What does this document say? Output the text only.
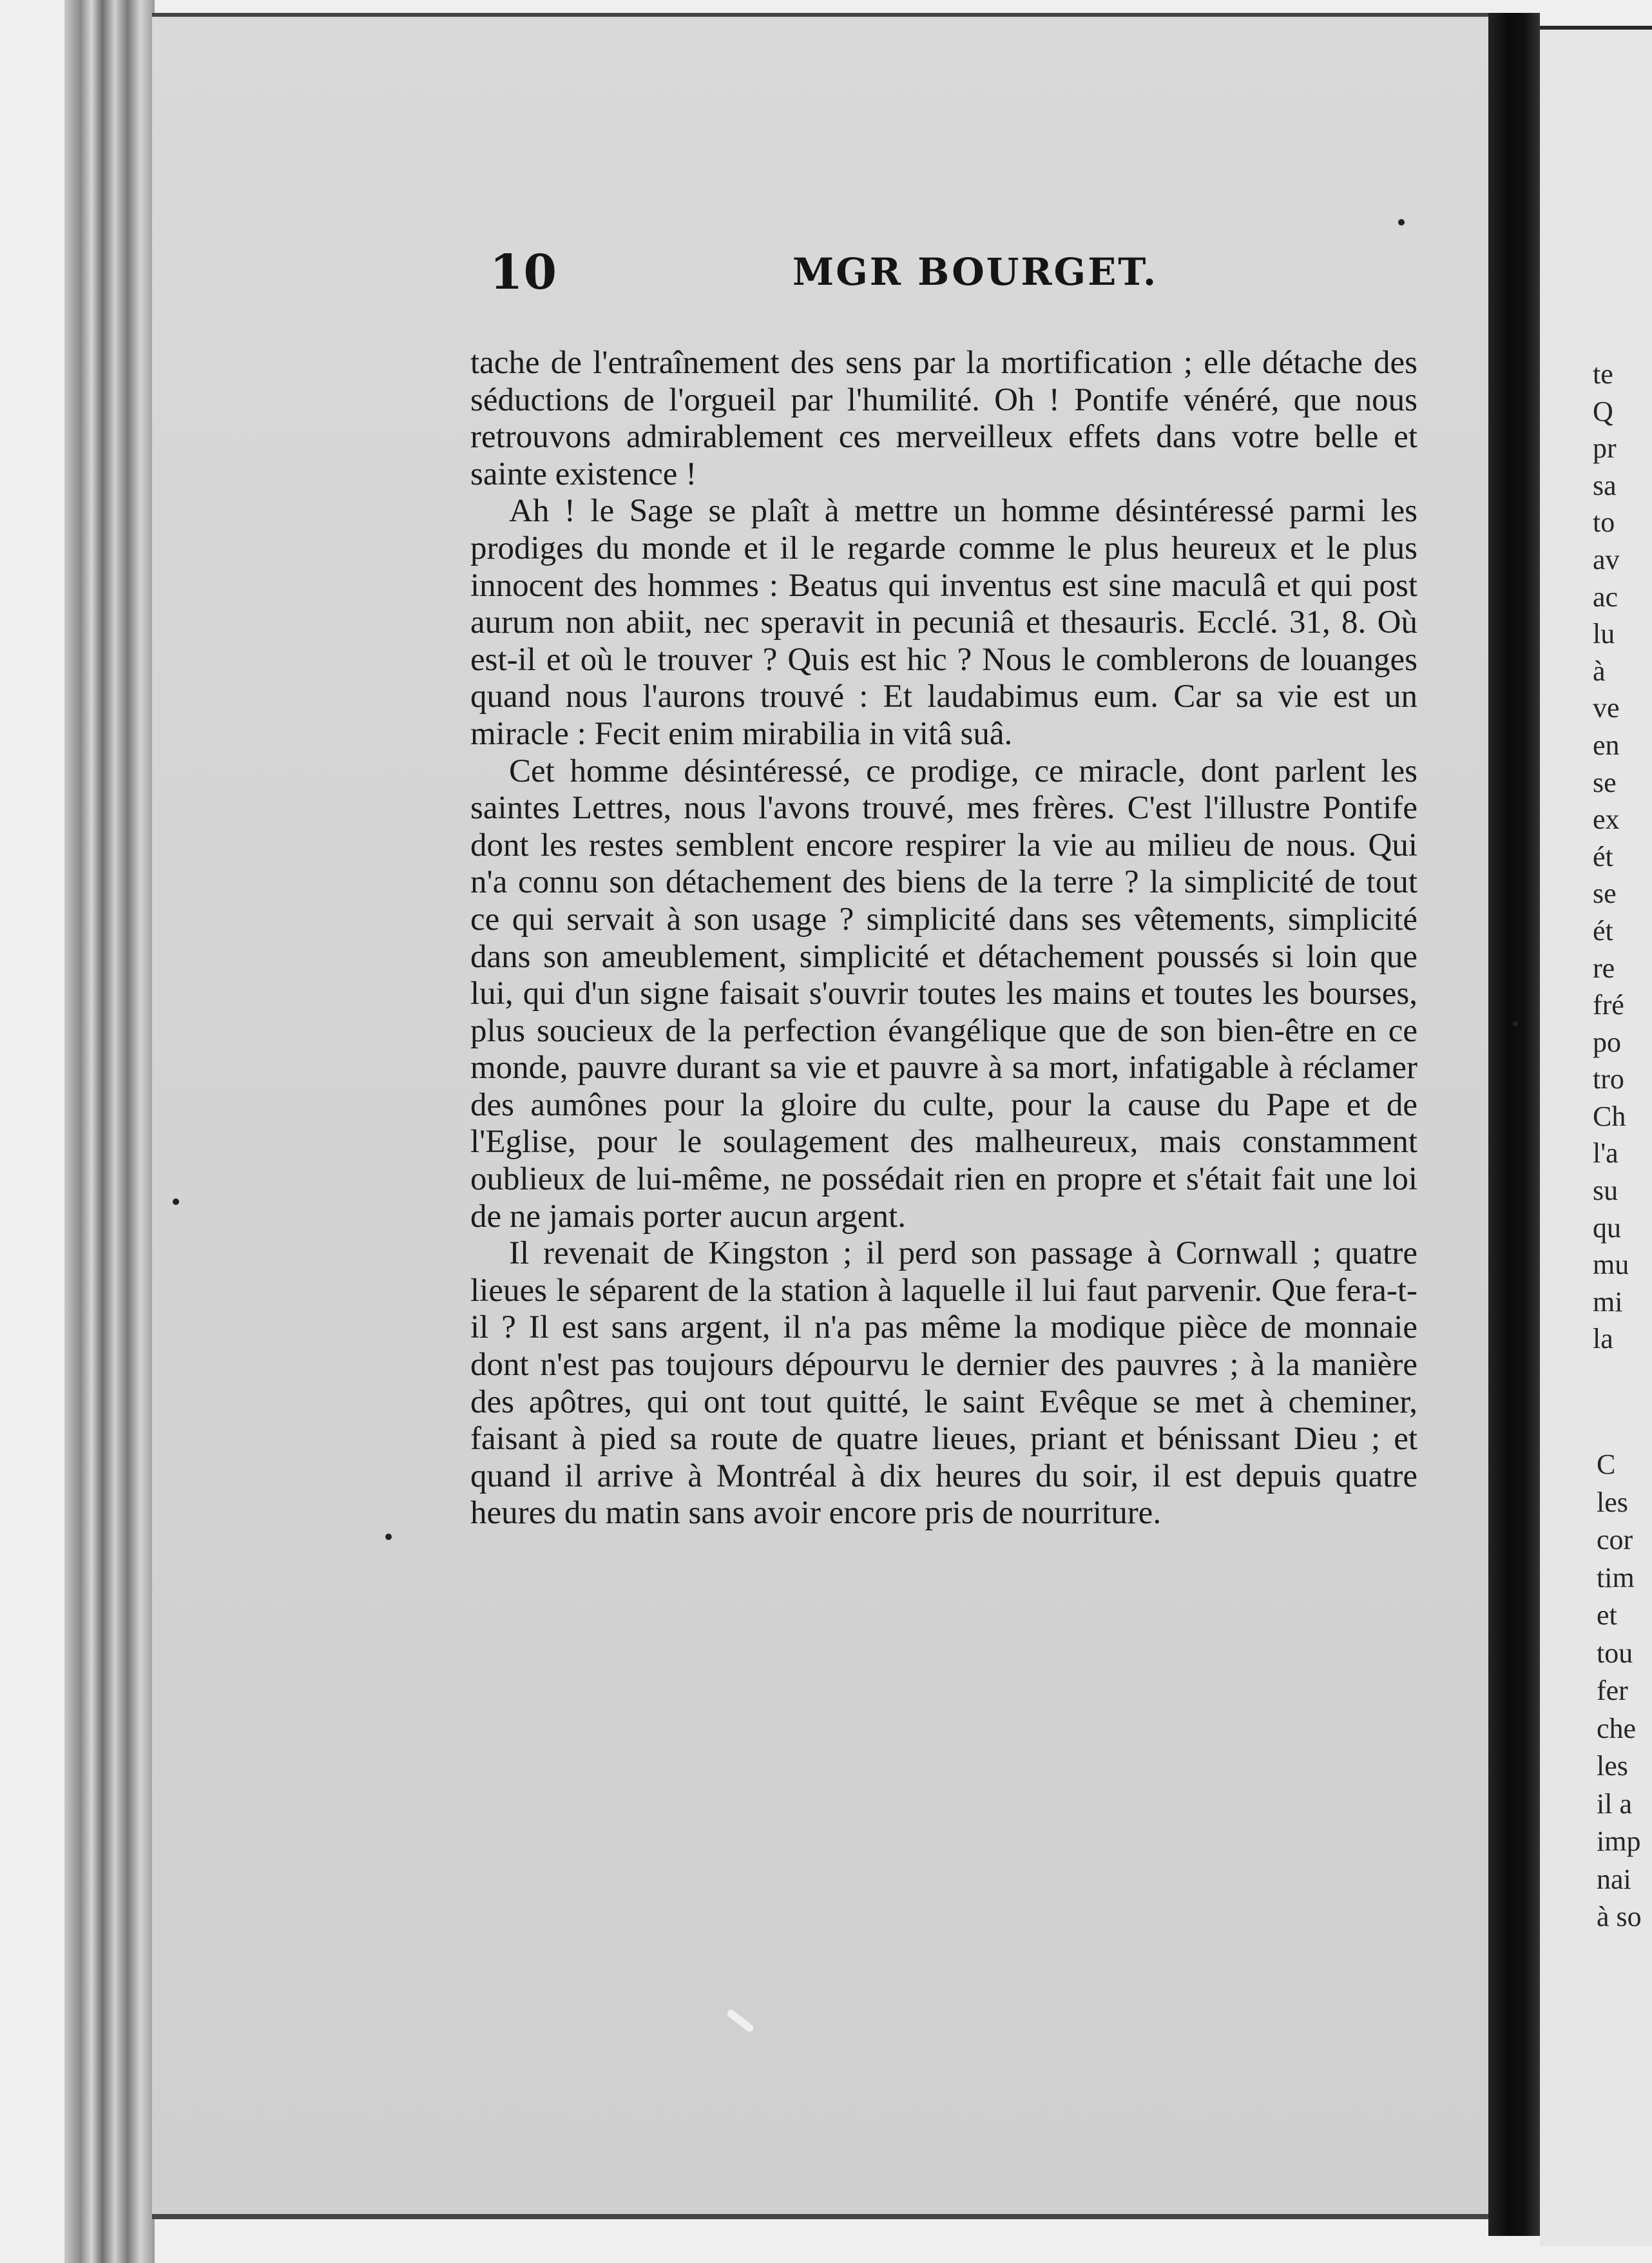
10	MGR BOURGET.

tache de l'entraînement des sens par la mortification ; elle détache des séductions de l'orgueil par l'humilité. Oh ! Pontife vénéré, que nous retrouvons admirablement ces merveilleux effets dans votre belle et sainte existence !

Ah ! le Sage se plaît à mettre un homme désintéressé parmi les prodiges du monde et il le regarde comme le plus heureux et le plus innocent des hommes : Beatus qui inventus est sine maculâ et qui post aurum non abiit, nec speravit in pecuniâ et thesauris. Ecclé. 31, 8. Où est-il et où le trouver ? Quis est hic ? Nous le comblerons de louanges quand nous l'aurons trouvé : Et laudabimus eum. Car sa vie est un miracle : Fecit enim mirabilia in vitâ suâ.

Cet homme désintéressé, ce prodige, ce miracle, dont parlent les saintes Lettres, nous l'avons trouvé, mes frères. C'est l'illustre Pontife dont les restes semblent encore respirer la vie au milieu de nous. Qui n'a connu son détachement des biens de la terre ? la simplicité de tout ce qui servait à son usage ? simplicité dans ses vêtements, simplicité dans son ameublement, simplicité et détachement poussés si loin que lui, qui d'un signe faisait s'ouvrir toutes les mains et toutes les bourses, plus soucieux de la perfection évangélique que de son bien-être en ce monde, pauvre durant sa vie et pauvre à sa mort, infatigable à réclamer des aumônes pour la gloire du culte, pour la cause du Pape et de l'Eglise, pour le soulagement des malheureux, mais constamment oublieux de lui-même, ne possédait rien en propre et s'était fait une loi de ne jamais porter aucun argent.

Il revenait de Kingston ; il perd son passage à Cornwall ; quatre lieues le séparent de la station à laquelle il lui faut parvenir. Que fera-t-il ? Il est sans argent, il n'a pas même la modique pièce de monnaie dont n'est pas toujours dépourvu le dernier des pauvres ; à la manière des apôtres, qui ont tout quitté, le saint Evêque se met à cheminer, faisant à pied sa route de quatre lieues, priant et bénissant Dieu ; et quand il arrive à Montréal à dix heures du soir, il est depuis quatre heures du matin sans avoir encore pris de nourriture.

te
Q
pr
sa
to
av
ac
lu
à
ve
en
se
ex
ét
se
ét
re
fré
po
tro
Ch
l'a
su
qu
mu
mi
la
C
les
cor
tim
et
tou
fer
che
les
il a
imp
nai
à so
